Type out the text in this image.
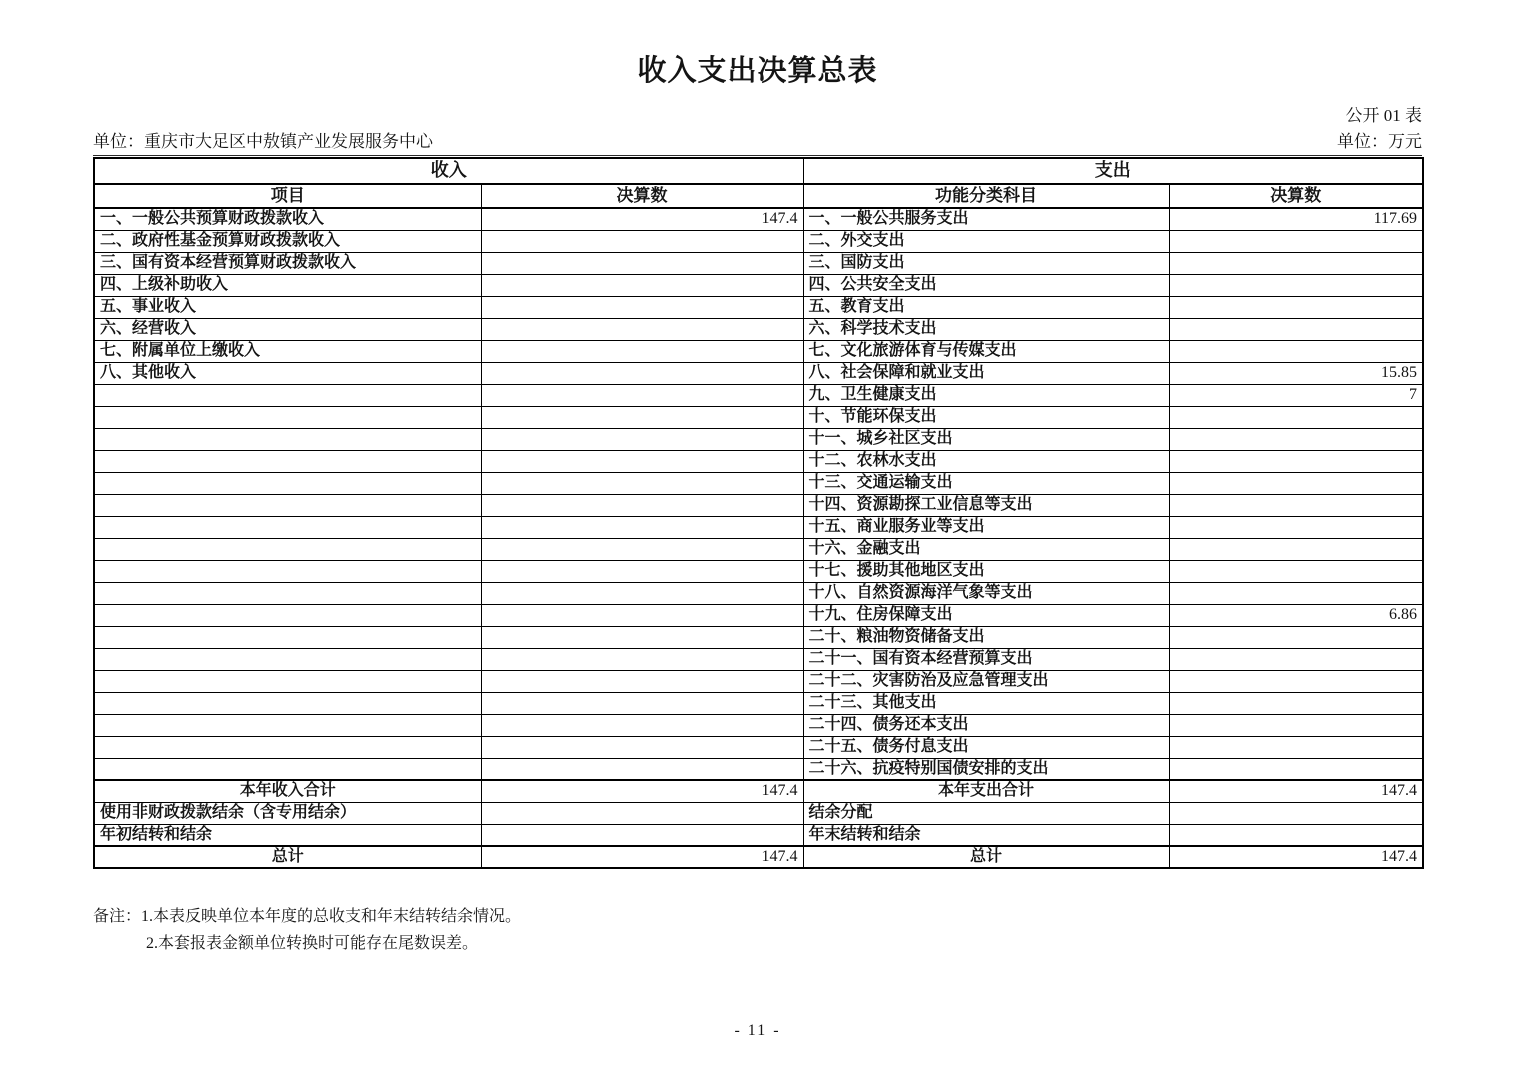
收入支出决算总表
公开 01 表
单位：重庆市大足区中敖镇产业发展服务中心	单位：万元
收入		支出	
项目	决算数	功能分类科目	决算数
一、一般公共预算财政拨款收入	147.4	一、一般公共服务支出	117.69
二、政府性基金预算财政拨款收入		二、外交支出	
三、国有资本经营预算财政拨款收入		三、国防支出	
四、上级补助收入		四、公共安全支出	
五、事业收入		五、教育支出	
六、经营收入		六、科学技术支出	
七、附属单位上缴收入		七、文化旅游体育与传媒支出	
八、其他收入		八、社会保障和就业支出	15.85
		九、卫生健康支出	7
		十、节能环保支出	
		十一、城乡社区支出	
		十二、农林水支出	
		十三、交通运输支出	
		十四、资源勘探工业信息等支出	
		十五、商业服务业等支出	
		十六、金融支出	
		十七、援助其他地区支出	
		十八、自然资源海洋气象等支出	
		十九、住房保障支出	6.86
		二十、粮油物资储备支出	
		二十一、国有资本经营预算支出	
		二十二、灾害防治及应急管理支出	
		二十三、其他支出	
		二十四、债务还本支出	
		二十五、债务付息支出	
		二十六、抗疫特别国债安排的支出	
本年收入合计	147.4	本年支出合计	147.4
使用非财政拨款结余（含专用结余）		结余分配	
年初结转和结余		年末结转和结余	
总计	147.4	总计	147.4
备注： 1.本表反映单位本年度的总收支和年末结转结余情况。
2.本套报表金额单位转换时可能存在尾数误差。
- 11 -
